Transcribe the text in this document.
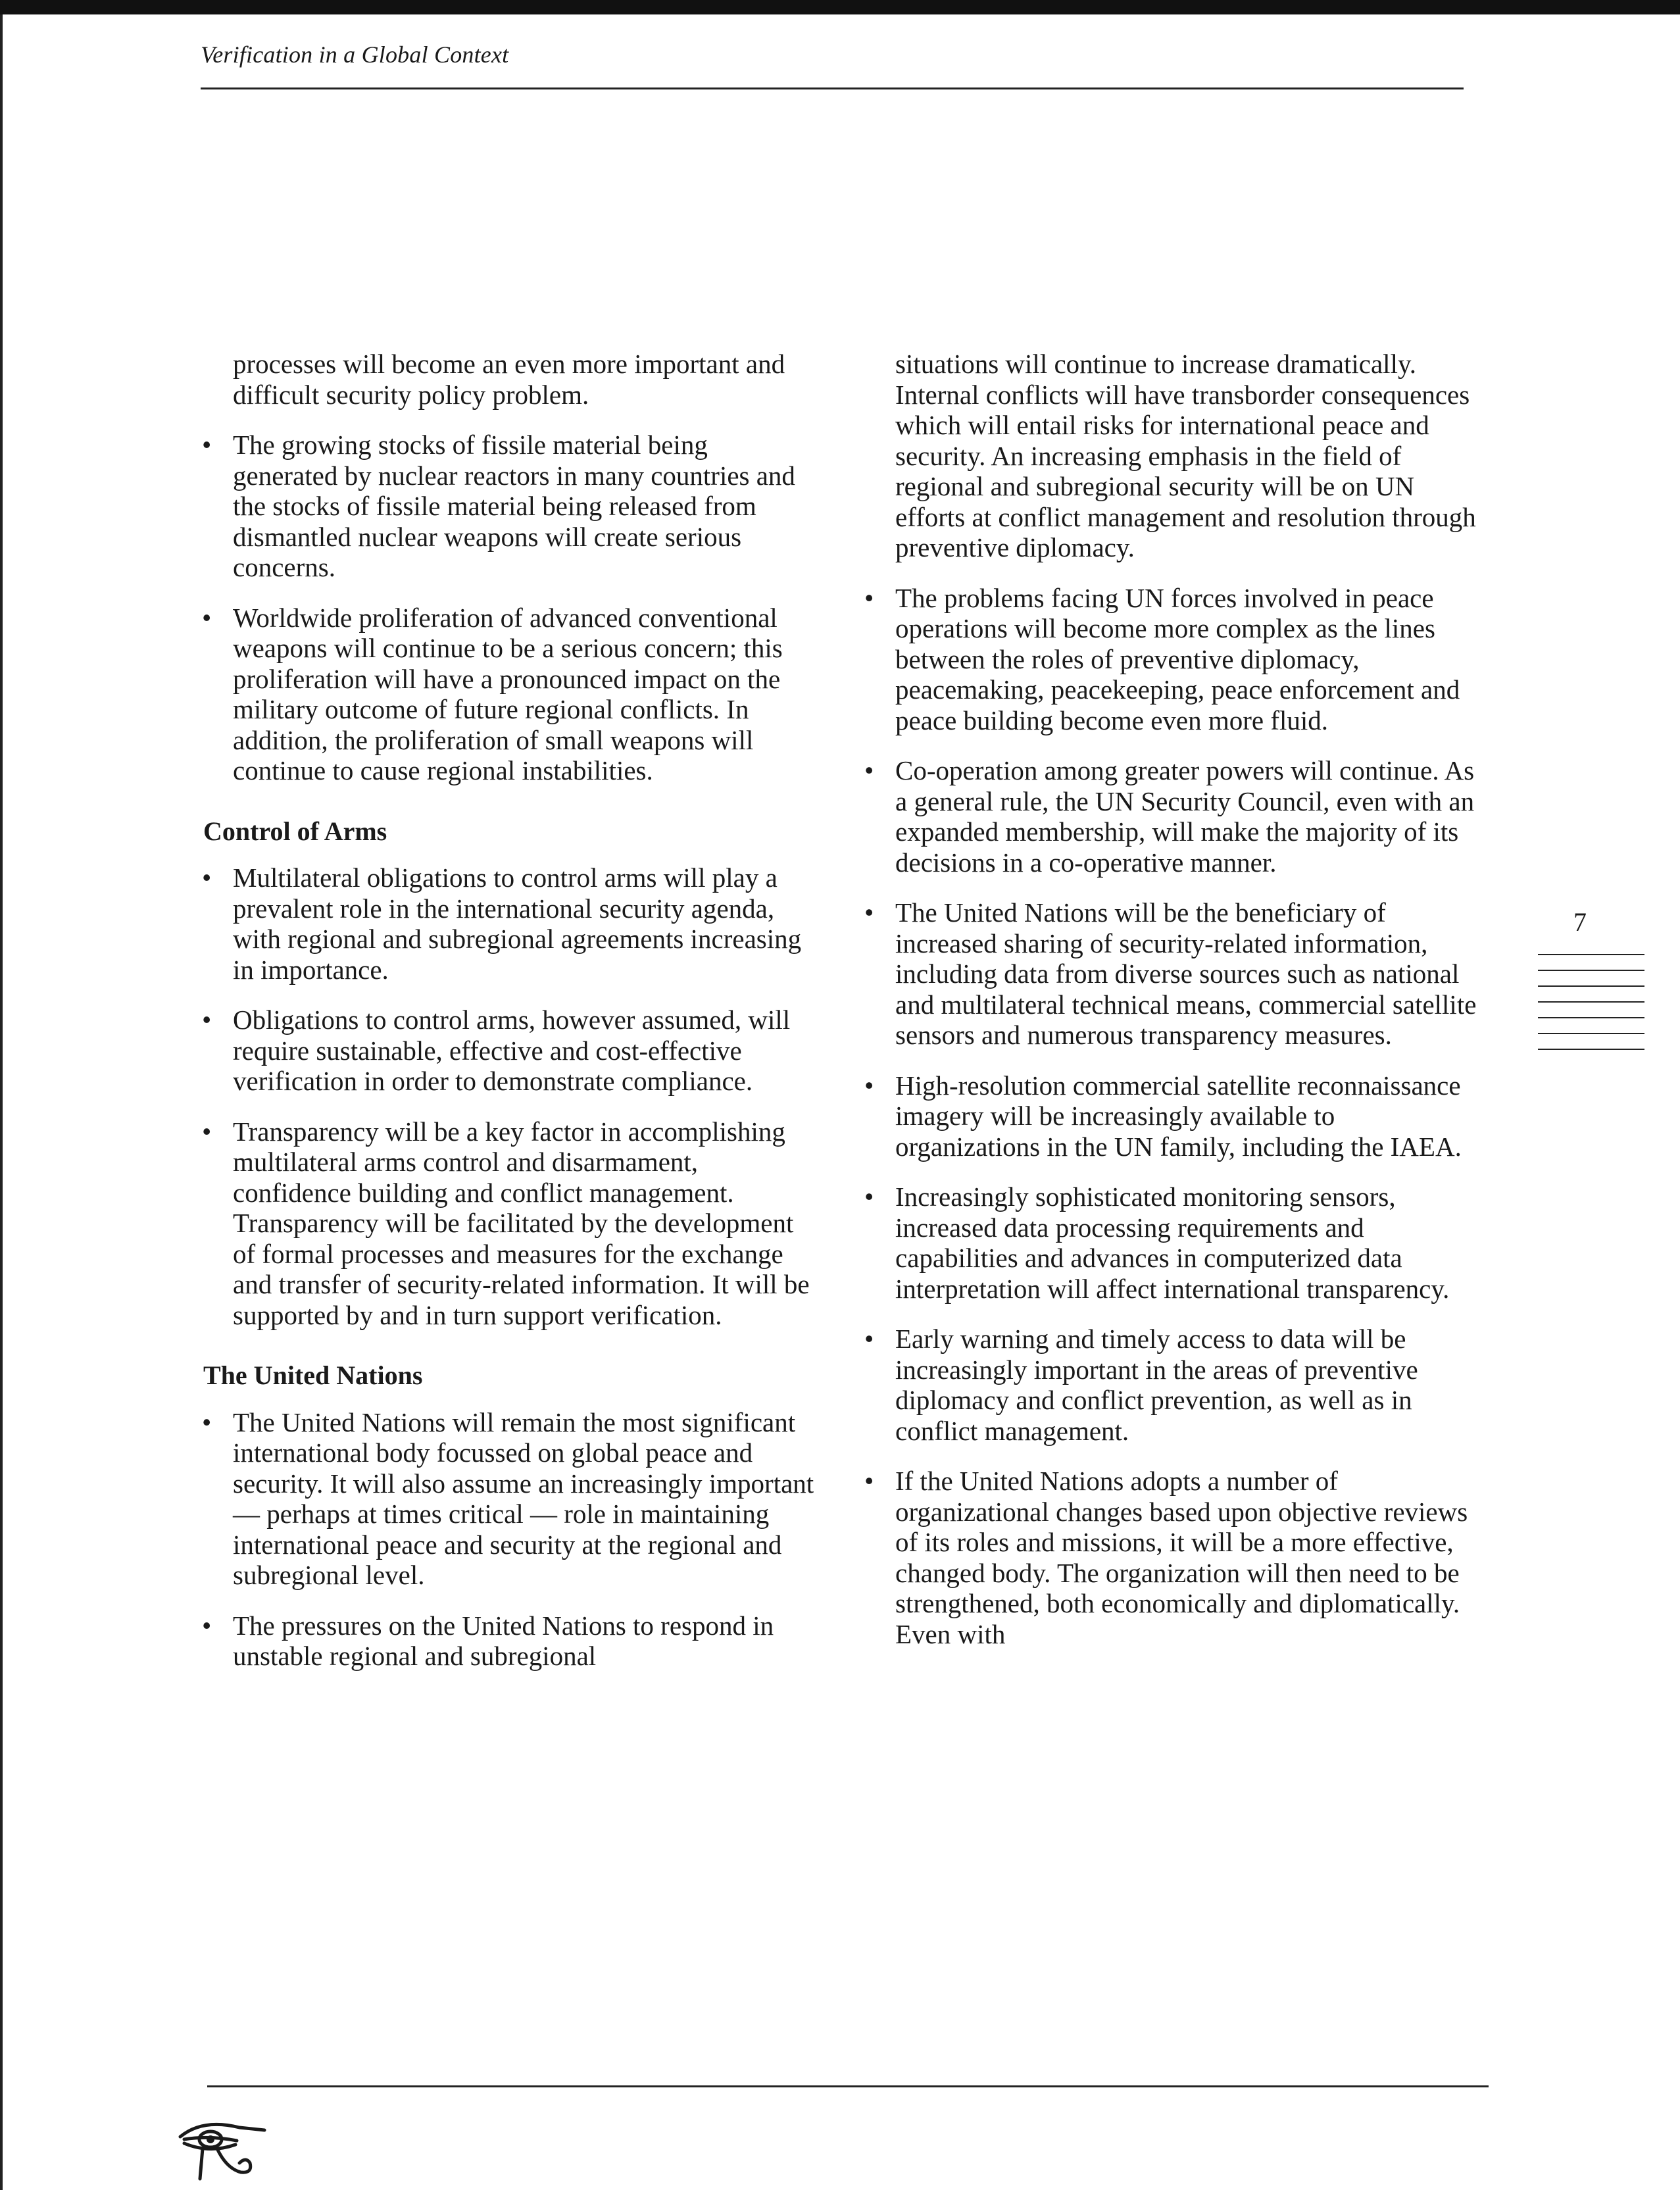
Verification in a Global Context

processes will become an even more important and difficult security policy problem.

• The growing stocks of fissile material being generated by nuclear reactors in many countries and the stocks of fissile material being released from dismantled nuclear weapons will create serious concerns.
• Worldwide proliferation of advanced conventional weapons will continue to be a serious concern; this proliferation will have a pronounced impact on the military outcome of future regional conflicts. In addition, the proliferation of small weapons will continue to cause regional instabilities.
Control of Arms
• Multilateral obligations to control arms will play a prevalent role in the international security agenda, with regional and subregional agreements increasing in importance.
• Obligations to control arms, however assumed, will require sustainable, effective and cost-effective verification in order to demonstrate compliance.
• Transparency will be a key factor in accomplishing multilateral arms control and disarmament, confidence building and conflict management. Transparency will be facilitated by the development of formal processes and measures for the exchange and transfer of security-related information. It will be supported by and in turn support verification.
The United Nations
• The United Nations will remain the most significant international body focussed on global peace and security. It will also assume an increasingly important — perhaps at times critical — role in maintaining international peace and security at the regional and subregional level.
• The pressures on the United Nations to respond in unstable regional and subregional

situations will continue to increase dramatically. Internal conflicts will have transborder consequences which will entail risks for international peace and security. An increasing emphasis in the field of regional and subregional security will be on UN efforts at conflict management and resolution through preventive diplomacy.

• The problems facing UN forces involved in peace operations will become more complex as the lines between the roles of preventive diplomacy, peacemaking, peacekeeping, peace enforcement and peace building become even more fluid.
• Co-operation among greater powers will continue. As a general rule, the UN Security Council, even with an expanded membership, will make the majority of its decisions in a co-operative manner.
• The United Nations will be the beneficiary of increased sharing of security-related information, including data from diverse sources such as national and multilateral technical means, commercial satellite sensors and numerous transparency measures.
• High-resolution commercial satellite reconnaissance imagery will be increasingly available to organizations in the UN family, including the IAEA.
• Increasingly sophisticated monitoring sensors, increased data processing requirements and capabilities and advances in computerized data interpretation will affect international transparency.
• Early warning and timely access to data will be increasingly important in the areas of preventive diplomacy and conflict prevention, as well as in conflict management.
• If the United Nations adopts a number of organizational changes based upon objective reviews of its roles and missions, it will be a more effective, changed body. The organization will then need to be strengthened, both economically and diplomatically. Even with
7
